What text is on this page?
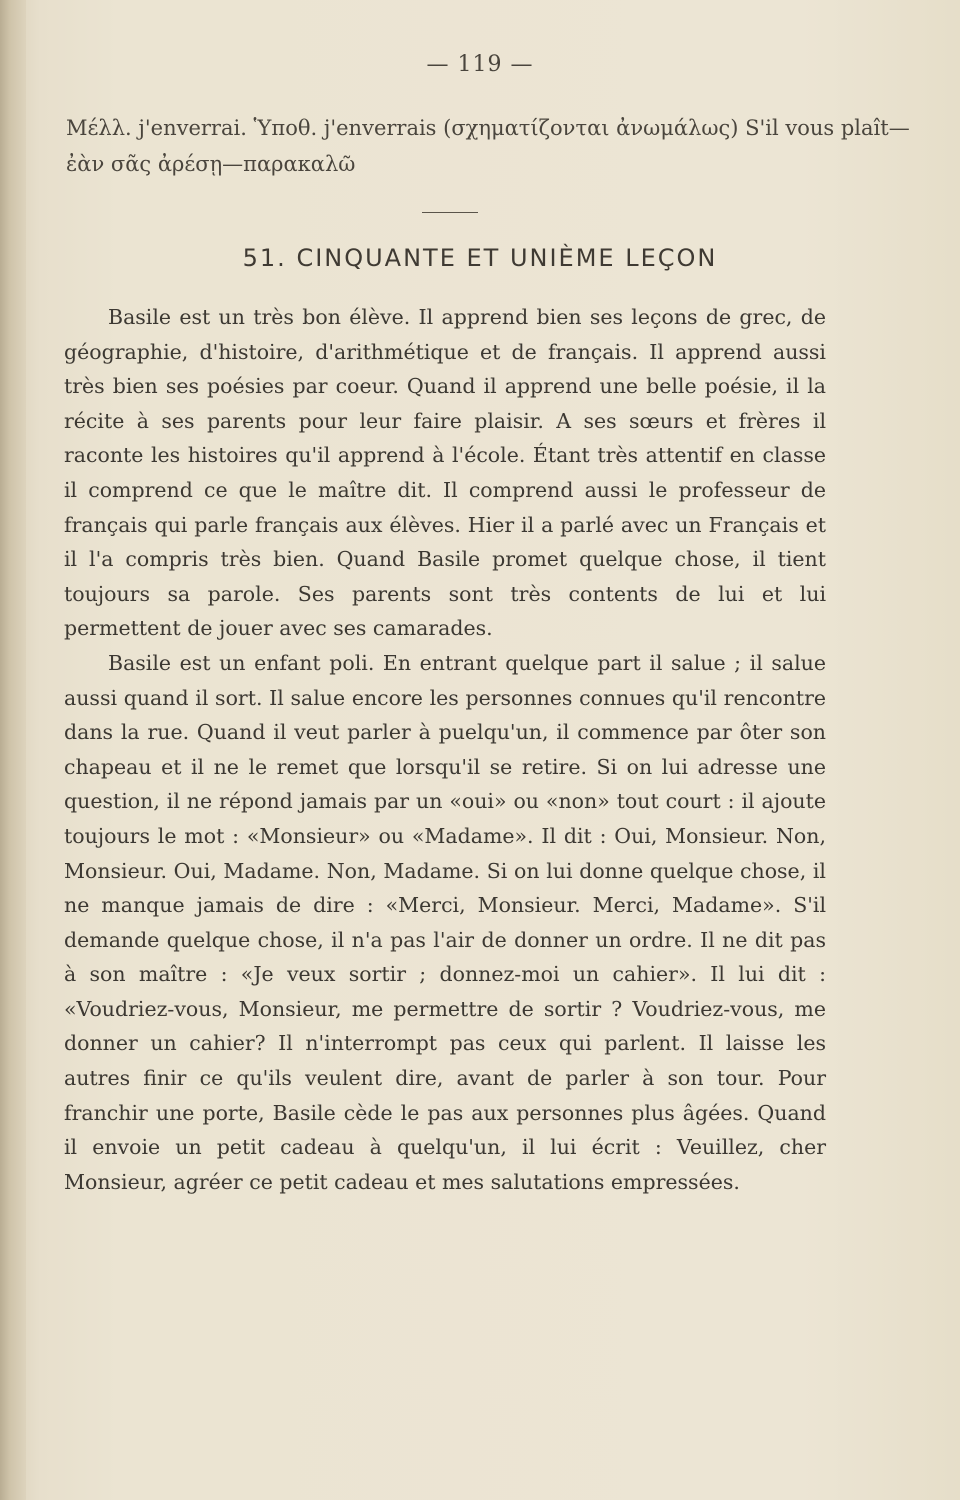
— 119 —

Μέλλ. j'enverrai. Ὑποθ. j'enverrais (σχηματίζονται ἀνωμάλως) S'il vous plaît—ἐὰν σᾶς ἀρέσῃ—παρακαλῶ

51. CINQUANTE ET UNIÈME LEÇON

Basile est un très bon élève. Il apprend bien ses leçons de grec, de géographie, d'histoire, d'arithmétique et de français. Il apprend aussi très bien ses poésies par coeur. Quand il apprend une belle poésie, il la récite à ses parents pour leur faire plaisir. A ses sœurs et frères il raconte les histoires qu'il apprend à l'école. Étant très attentif en classe il comprend ce que le maître dit. Il comprend aussi le professeur de français qui parle français aux élèves. Hier il a parlé avec un Français et il l'a compris très bien. Quand Basile promet quelque chose, il tient toujours sa parole. Ses parents sont très contents de lui et lui permettent de jouer avec ses camarades.

Basile est un enfant poli. En entrant quelque part il salue ; il salue aussi quand il sort. Il salue encore les personnes connues qu'il rencontre dans la rue. Quand il veut parler à puelqu'un, il commence par ôter son chapeau et il ne le remet que lorsqu'il se retire. Si on lui adresse une question, il ne répond jamais par un «oui» ou «non» tout court : il ajoute toujours le mot : «Monsieur» ou «Madame». Il dit : Oui, Monsieur. Non, Monsieur. Oui, Madame. Non, Madame. Si on lui donne quelque chose, il ne manque jamais de dire : «Merci, Monsieur. Merci, Madame». S'il demande quelque chose, il n'a pas l'air de donner un ordre. Il ne dit pas à son maître : «Je veux sortir ; donnez-moi un cahier». Il lui dit : «Voudriez-vous, Monsieur, me permettre de sortir ? Voudriez-vous, me donner un cahier? Il n'interrompt pas ceux qui parlent. Il laisse les autres finir ce qu'ils veulent dire, avant de parler à son tour. Pour franchir une porte, Basile cède le pas aux personnes plus âgées. Quand il envoie un petit cadeau à quelqu'un, il lui écrit : Veuillez, cher Monsieur, agréer ce petit cadeau et mes salutations empressées.
